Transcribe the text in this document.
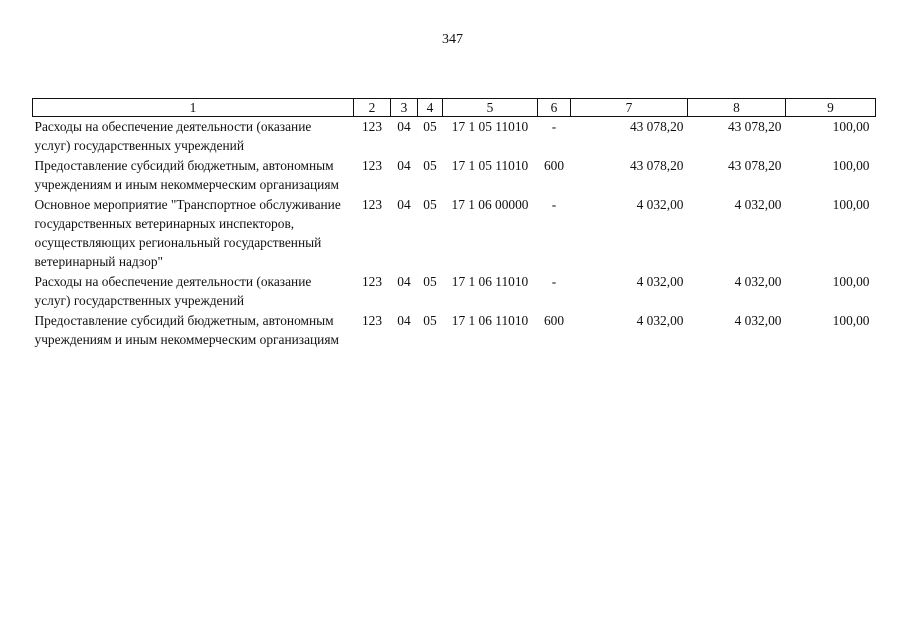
347
1	2	3	4	5	6	7	8	9
Расходы на обеспечение деятельности (оказание услуг) государственных учреждений	123	04	05	17 1 05 11010	-	43 078,20	43 078,20	100,00
Предоставление субсидий бюджетным, автономным учреждениям и иным некоммерческим организациям	123	04	05	17 1 05 11010	600	43 078,20	43 078,20	100,00
Основное мероприятие "Транспортное обслуживание государственных ветеринарных инспекторов, осуществляющих региональный государственный ветеринарный надзор"	123	04	05	17 1 06 00000	-	4 032,00	4 032,00	100,00
Расходы на обеспечение деятельности (оказание услуг) государственных учреждений	123	04	05	17 1 06 11010	-	4 032,00	4 032,00	100,00
Предоставление субсидий бюджетным, автономным учреждениям и иным некоммерческим организациям	123	04	05	17 1 06 11010	600	4 032,00	4 032,00	100,00
